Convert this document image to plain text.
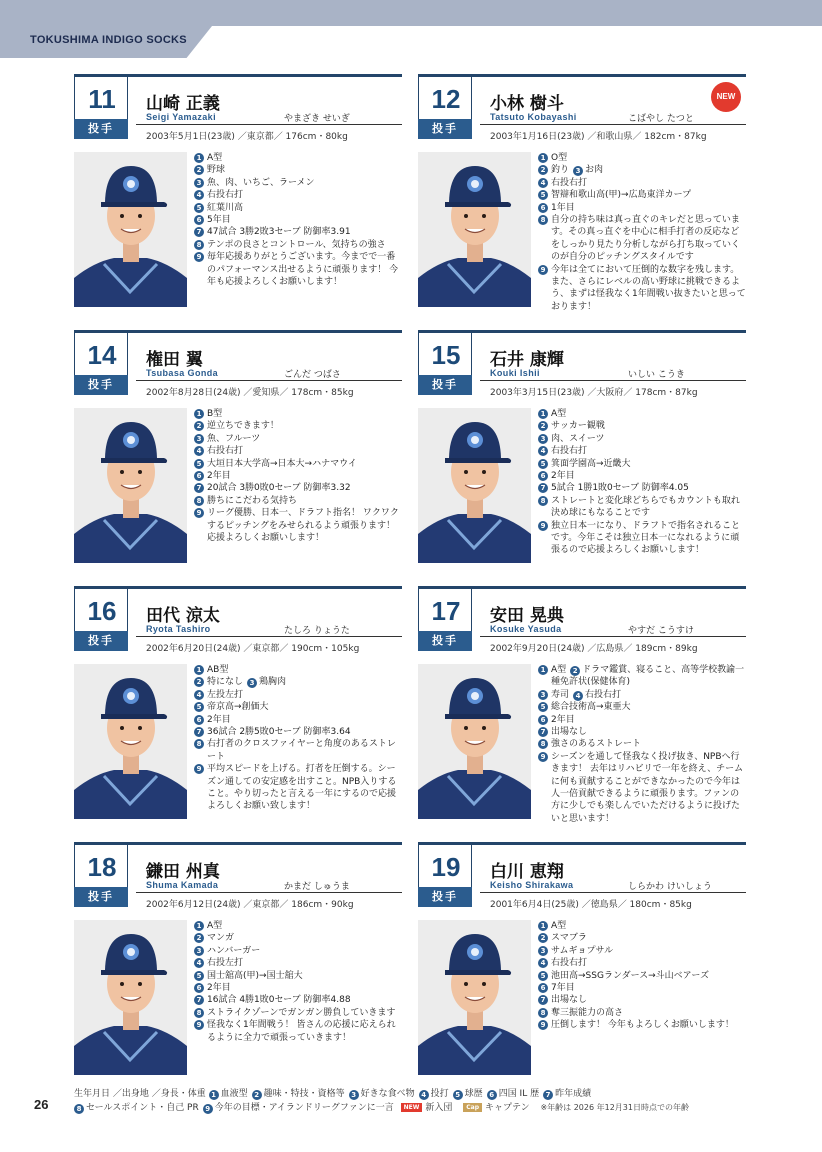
TOKUSHIMA INDIGO SOCKS
11
投手
山崎 正義
Seigi Yamazaki	やまざき せいぎ
2003年5月1日(23歳) ／東京都／ 176cm・80kg
1 A型
2 野球
3 魚、肉、いちご、ラーメン
4 右投右打
5 紅葉川高
6 5年目
7 47試合 3勝2敗3セーブ 防御率3.91
8 テンポの良さとコントロール、気持ちの強さ
9 毎年応援ありがとうございます。今までで一番のパフォーマンス出せるように頑張ります！ 今年も応援よろしくお願いします！
12
投手
小林 樹斗
Tatsuto Kobayashi	こばやし たつと
2003年1月16日(23歳) ／和歌山県／ 182cm・87kg
NEW
1 O型
2 釣り 3 お肉
4 右投右打
5 智辯和歌山高(甲)→広島東洋カープ
6 1年目
8 自分の持ち味は真っ直ぐのキレだと思っています。その真っ直ぐを中心に相手打者の反応などをしっかり見たり分析しながら打ち取っていくのが自分のピッチングスタイルです
9 今年は全てにおいて圧倒的な数字を残します。また、さらにレベルの高い野球に挑戦できるよう、まずは怪我なく1年間戦い抜きたいと思っております！
14
投手
権田 翼
Tsubasa Gonda	ごんだ つばさ
2002年8月28日(24歳) ／愛知県／ 178cm・85kg
1 B型
2 逆立ちできます！
3 魚、フルーツ
4 右投右打
5 大垣日本大学高→日本大→ハナマウイ
6 2年目
7 20試合 3勝0敗0セーブ 防御率3.32
8 勝ちにこだわる気持ち
9 リーグ優勝、日本一、ドラフト指名！ ワクワクするピッチングをみせられるよう頑張ります！ 応援よろしくお願いします！
15
投手
石井 康輝
Kouki Ishii	いしい こうき
2003年3月15日(23歳) ／大阪府／ 178cm・87kg
1 A型
2 サッカー観戦
3 肉、スイーツ
4 右投右打
5 箕面学園高→近畿大
6 2年目
7 5試合 1勝1敗0セーブ 防御率4.05
8 ストレートと変化球どちらでもカウントも取れ決め球にもなることです
9 独立日本一になり、ドラフトで指名されることです。今年こそは独立日本一になれるように頑張るので応援よろしくお願いします！
16
投手
田代 涼太
Ryota Tashiro	たしろ りょうた
2002年6月20日(24歳) ／東京都／ 190cm・105kg
1 AB型
2 特になし 3 鶏胸肉
4 左投左打
5 帝京高→創価大
6 2年目
7 36試合 2勝5敗0セーブ 防御率3.64
8 右打者のクロスファイヤーと角度のあるストレート
9 平均スピードを上げる。打者を圧倒する。シーズン通しての安定感を出すこと。NPB入りすること。やり切ったと言える一年にするので応援よろしくお願い致します！
17
投手
安田 晃典
Kosuke Yasuda	やすだ こうすけ
2002年9月20日(24歳) ／広島県／ 189cm・89kg
1 A型 2 ドラマ鑑賞、寝ること、高等学校教諭一種免許状(保健体育)
3 寿司 4 右投右打
5 総合技術高→東亜大
6 2年目
7 出場なし
8 強さのあるストレート
9 シーズンを通して怪我なく投げ抜き、NPBへ行きます！ 去年はリハビリで一年を終え、チームに何も貢献することができなかったので今年は人一倍貢献できるように頑張ります。ファンの方に少しでも楽しんでいただけるように投げたいと思います！
18
投手
鎌田 州真
Shuma Kamada	かまだ しゅうま
2002年6月12日(24歳) ／東京都／ 186cm・90kg
1 A型
2 マンガ
3 ハンバーガー
4 右投左打
5 国士舘高(甲)→国士舘大
6 2年目
7 16試合 4勝1敗0セーブ 防御率4.88
8 ストライクゾーンでガンガン勝負していきます
9 怪我なく1年間戦う！ 皆さんの応援に応えられるように全力で頑張っていきます！
19
投手
白川 恵翔
Keisho Shirakawa	しらかわ けいしょう
2001年6月4日(25歳) ／徳島県／ 180cm・85kg
1 A型
2 スマブラ
3 サムギョプサル
4 右投右打
5 池田高→SSGランダース→斗山ベアーズ
6 7年目
7 出場なし
8 奪三振能力の高さ
9 圧倒します！ 今年もよろしくお願いします！
26
生年月日 ／出身地 ／身長・体重 1 血液型 2 趣味・特技・資格等 3 好きな食べ物 4 投打 5 球歴 6 四国 IL 歴 7 昨年成績
8 セールスポイント・自己 PR 9 今年の目標・アイランドリーグファンに一言 NEW 新入団 Cap キャプテン ※年齢は 2026 年12月31日時点での年齢
